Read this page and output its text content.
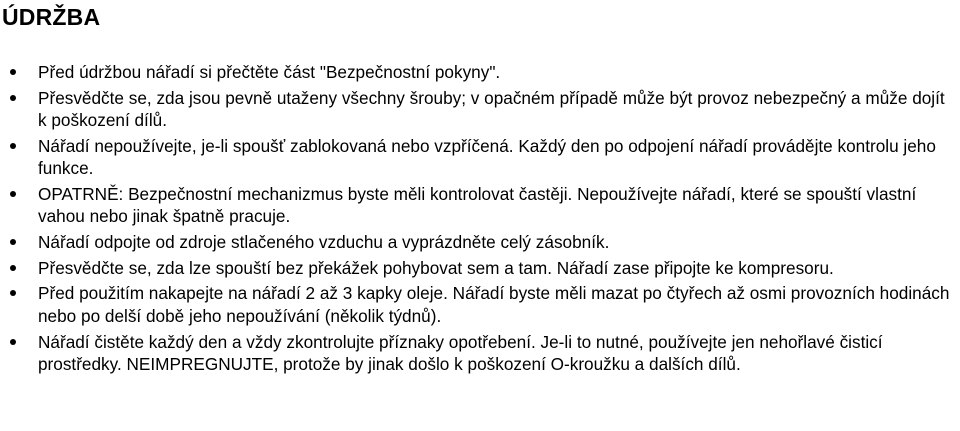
ÚDRŽBA
Před údržbou nářadí si přečtěte část "Bezpečnostní pokyny".
Přesvědčte se, zda jsou pevně utaženy všechny šrouby; v opačném případě může být provoz nebezpečný a může dojít k poškození dílů.
Nářadí nepoužívejte, je-li spoušť zablokovaná nebo vzpříčená. Každý den po odpojení nářadí provádějte kontrolu jeho funkce.
OPATRNĚ: Bezpečnostní mechanizmus byste měli kontrolovat častěji. Nepoužívejte nářadí, které se spouští vlastní vahou nebo jinak špatně pracuje.
Nářadí odpojte od zdroje stlačeného vzduchu a vyprázdněte celý zásobník.
Přesvědčte se, zda lze spouští bez překážek pohybovat sem a tam. Nářadí zase připojte ke kompresoru.
Před použitím nakapejte na nářadí 2 až 3 kapky oleje. Nářadí byste měli mazat po čtyřech až osmi provozních hodinách nebo po delší době jeho nepoužívání (několik týdnů).
Nářadí čistěte každý den a vždy zkontrolujte příznaky opotřebení. Je-li to nutné, používejte jen nehořlavé čisticí prostředky. NEIMPREGNUJTE, protože by jinak došlo k poškození O-kroužku a dalších dílů.
